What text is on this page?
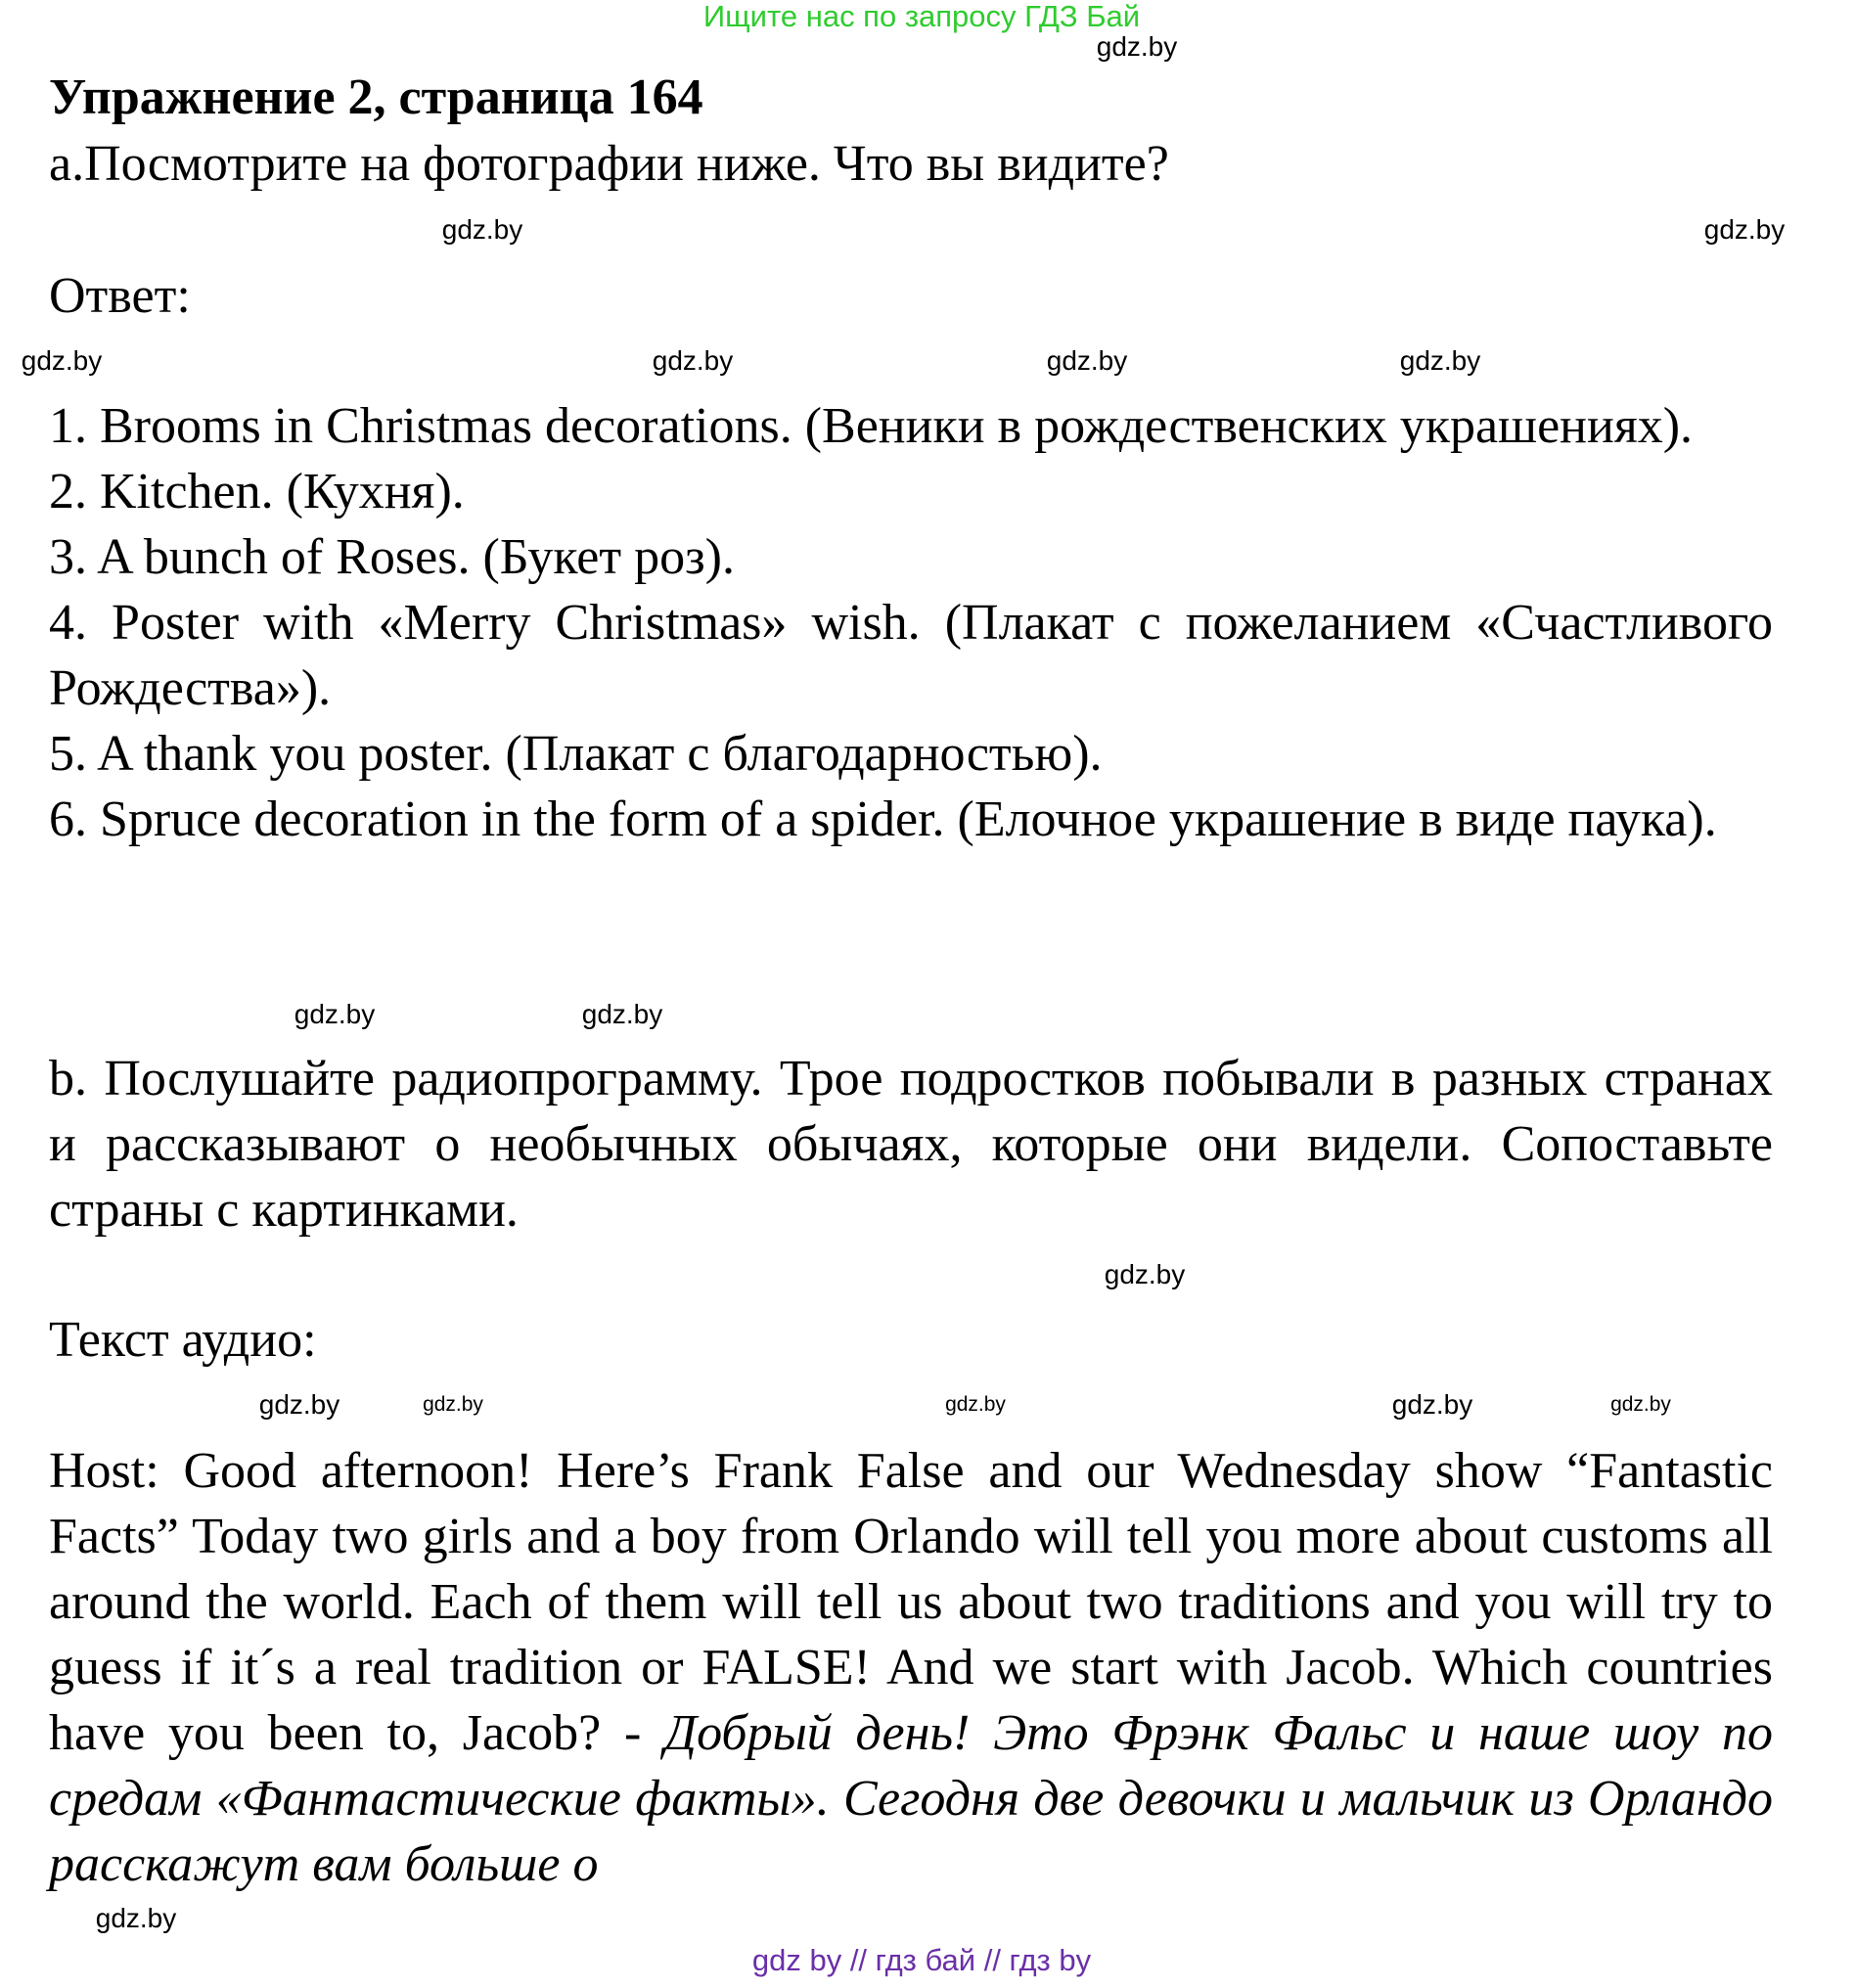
Ищите нас по запросу ГДЗ Бай
Упражнение 2, страница 164
a.Посмотрите на фотографии ниже. Что вы видите?
Ответ:

1. Brooms in Christmas decorations. (Веники в рождественских украшениях).

2. Kitchen. (Кухня).

3. A bunch of Roses. (Букет роз).

4. Poster with «Merry Christmas» wish. (Плакат с пожеланием «Счастливого Рождества»).

5. A thank you poster. (Плакат с благодарностью).

6. Spruce decoration in the form of a spider. (Елочное украшение в виде паука).

b. Послушайте радиопрограмму. Трое подростков побывали в разных странах и рассказывают о необычных обычаях, которые они видели. Сопоставьте страны с картинками.
Текст аудио:
Host: Good afternoon! Here’s Frank False and our Wednesday show “Fantastic Facts” Today two girls and a boy from Orlando will tell you more about customs all around the world. Each of them will tell us about two traditions and you will try to guess if it´s a real tradition or FALSE! And we start with Jacob. Which countries have you been to, Jacob? - Добрый день! Это Фрэнк Фальс и наше шоу по средам «Фантастические факты». Сегодня две девочки и мальчик из Орландо расскажут вам больше о
gdz.by
gdz.by
gdz.by
gdz.by	gdz.by	gdz.by	gdz.by
gdz.by	gdz.by
gdz.by
gdz.by
gdz.by	gdz.by	gdz.by	gdz.by
gdz.by
gdz by // гдз бай // гдз by
